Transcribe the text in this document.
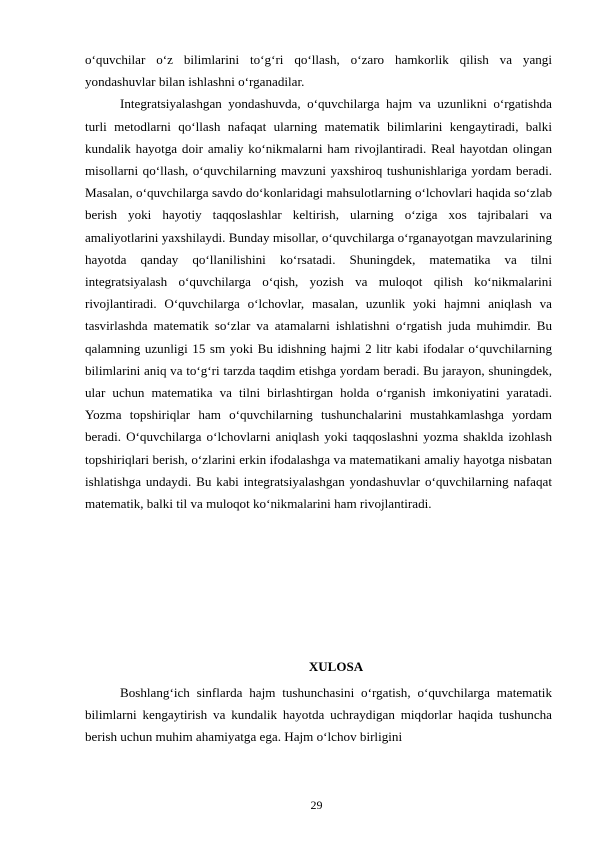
o‘quvchilar o‘z bilimlarini to‘g‘ri qo‘llash, o‘zaro hamkorlik qilish va yangi yondashuvlar bilan ishlashni o‘rganadilar.

Integratsiyalashgan yondashuvda, o‘quvchilarga hajm va uzunlikni o‘rgatishda turli metodlarni qo‘llash nafaqat ularning matematik bilimlarini kengaytiradi, balki kundalik hayotga doir amaliy ko‘nikmalarni ham rivojlantiradi. Real hayotdan olingan misollarni qo‘llash, o‘quvchilarning mavzuni yaxshiroq tushunishlariga yordam beradi. Masalan, o‘quvchilarga savdo do‘konlaridagi mahsulotlarning o‘lchovlari haqida so‘zlab berish yoki hayotiy taqqoslashlar keltirish, ularning o‘ziga xos tajribalari va amaliyotlarini yaxshilaydi. Bunday misollar, o‘quvchilarga o‘rganayotgan mavzularining hayotda qanday qo‘llanilishini ko‘rsatadi. Shuningdek, matematika va tilni integratsiyalash o‘quvchilarga o‘qish, yozish va muloqot qilish ko‘nikmalarini rivojlantiradi. O‘quvchilarga o‘lchovlar, masalan, uzunlik yoki hajmni aniqlash va tasvirlashda matematik so‘zlar va atamalarni ishlatishni o‘rgatish juda muhimdir. Bu qalamning uzunligi 15 sm yoki Bu idishning hajmi 2 litr kabi ifodalar o‘quvchilarning bilimlarini aniq va to‘g‘ri tarzda taqdim etishga yordam beradi. Bu jarayon, shuningdek, ular uchun matematika va tilni birlashtirgan holda o‘rganish imkoniyatini yaratadi. Yozma topshiriqlar ham o‘quvchilarning tushunchalarini mustahkamlashga yordam beradi. O‘quvchilarga o‘lchovlarni aniqlash yoki taqqoslashni yozma shaklda izohlash topshiriqlari berish, o‘zlarini erkin ifodalashga va matematikani amaliy hayotga nisbatan ishlatishga undaydi. Bu kabi integratsiyalashgan yondashuvlar o‘quvchilarning nafaqat matematik, balki til va muloqot ko‘nikmalarini ham rivojlantiradi.

XULOSA

Boshlang‘ich sinflarda hajm tushunchasini o‘rgatish, o‘quvchilarga matematik bilimlarni kengaytirish va kundalik hayotda uchraydigan miqdorlar haqida tushuncha berish uchun muhim ahamiyatga ega. Hajm o‘lchov birligini

29
